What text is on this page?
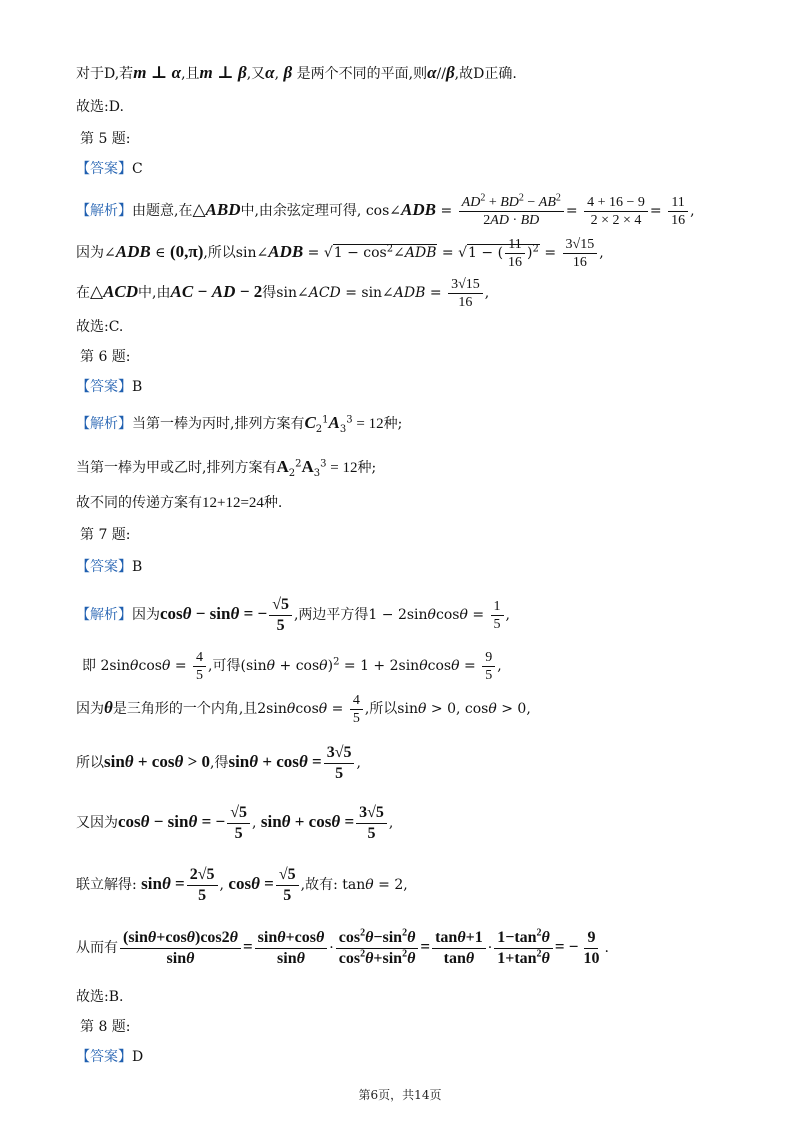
对于D,若m ⊥ α,且m ⊥ β,又α, β 是两个不同的平面,则α//β,故D正确.
故选:D.
第 5 题:
【答案】C
【解析】由题意,在△ABD中,由余弦定理可得, cos∠ADB = $\frac{AD^2 + BD^2 - AB^2}{2AD \cdot BD} = \frac{4 + 16 - 9}{2 \times 2 \times 4} = \frac{11}{16}$ ,
因为∠ADB ∈ (0,π),所以sin∠ADB = $√1 - \cos^2\angle ADB = √1$ − ( $\frac{11}{16} )^2 = \frac{3√15}{16}$ ,
在△ACD中,由AC − AD − 2得sin∠ACD = sin∠ADB = $\frac{3√15}{16}$ ,
故选:C.
第 6 题:
【答案】B
【解析】当第一棒为丙时,排列方案有$C_2^1A_3^3 = 12$种;
当第一棒为甲或乙时,排列方案有$A_2^2A_3^3 = 12$种;
故不同的传递方案有12+12=24种.
第 7 题:
【答案】B
【解析】因为cosθ − sinθ = − $\frac{√5}{5}$ ,两边平方得$1 - 2\sin\theta\cos\theta = \frac{1}{5}$ ,
即 $2\sin\theta\cos\theta = \frac{4}{5}$ ,可得$(\sin\theta + \cos\theta)^2 = 1 + 2\sin\theta\cos\theta = \frac{9}{5}$ ,
因为θ是三角形的一个内角,且$2\sin\theta\cos\theta = \frac{4}{5}$ ,所以sinθ > 0, cosθ > 0,
所以sinθ + cosθ > 0,得$\sin\theta + \cos\theta = \frac{3√5}{5}$ ,
又因为cosθ − sinθ = − $\frac{√5}{5}$ , $\sin\theta + \cos\theta = \frac{3√5}{5}$ ,
联立解得: $\sin\theta = \frac{2√5}{5}$ , $\cos\theta = \frac{√5}{5}$ ,故有: tanθ = 2,
从而有 $\frac{(\sin\theta+\cos\theta)\cos 2\theta}{\sin\theta} = \frac{\sin\theta+\cos\theta}{\sin\theta} \cdot \frac{\cos^2\theta-\sin^2\theta}{\cos^2\theta+\sin^2\theta} = \frac{\tan\theta+1}{\tan\theta} \cdot \frac{1-\tan^2\theta}{1+\tan^2\theta}$ = − $\frac{9}{10}$ .
故选:B.
第 8 题:
【答案】D
第6页，共14页
